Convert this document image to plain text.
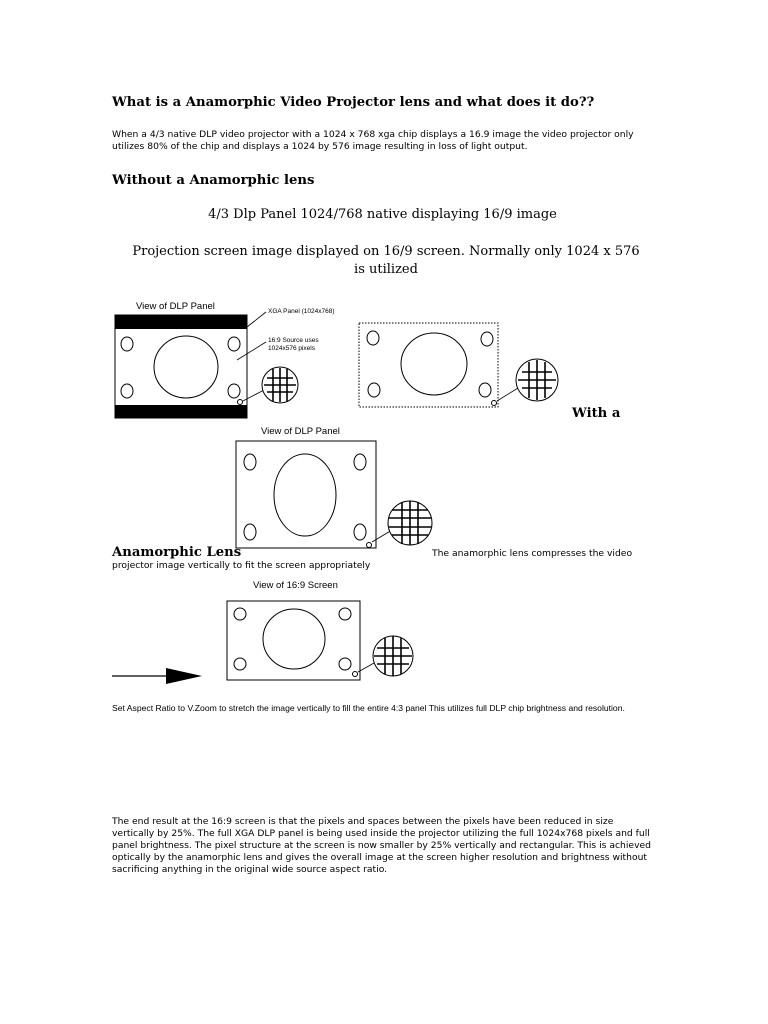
What is a Anamorphic Video Projector lens and what does it do??
When a 4/3 native DLP video projector with a 1024 x 768 xga chip displays a 16.9 image the video projector only utilizes 80% of the chip and displays a 1024 by 576 image resulting in loss of light output.
Without a Anamorphic lens
4/3 Dlp Panel 1024/768 native displaying 16/9 image
Projection screen image displayed on 16/9 screen. Normally only 1024 x 576 is utilized
View of DLP Panel	XGA Panel (1024x768)
16:9 Source uses
1024x576 pixels
With a
View of DLP Panel
Anamorphic Lens	The anamorphic lens compresses the video
projector image vertically to fit the screen appropriately
View of 16:9 Screen
Set Aspect Ratio to V.Zoom to stretch the image vertically to fill the entire 4:3 panel This utilizes full DLP chip brightness and resolution.
The end result at the 16:9 screen is that the pixels and spaces between the pixels have been reduced in size vertically by 25%. The full XGA DLP panel is being used inside the projector utilizing the full 1024x768 pixels and full panel brightness. The pixel structure at the screen is now smaller by 25% vertically and rectangular. This is achieved optically by the anamorphic lens and gives the overall image at the screen higher resolution and brightness without sacrificing anything in the original wide source aspect ratio.
